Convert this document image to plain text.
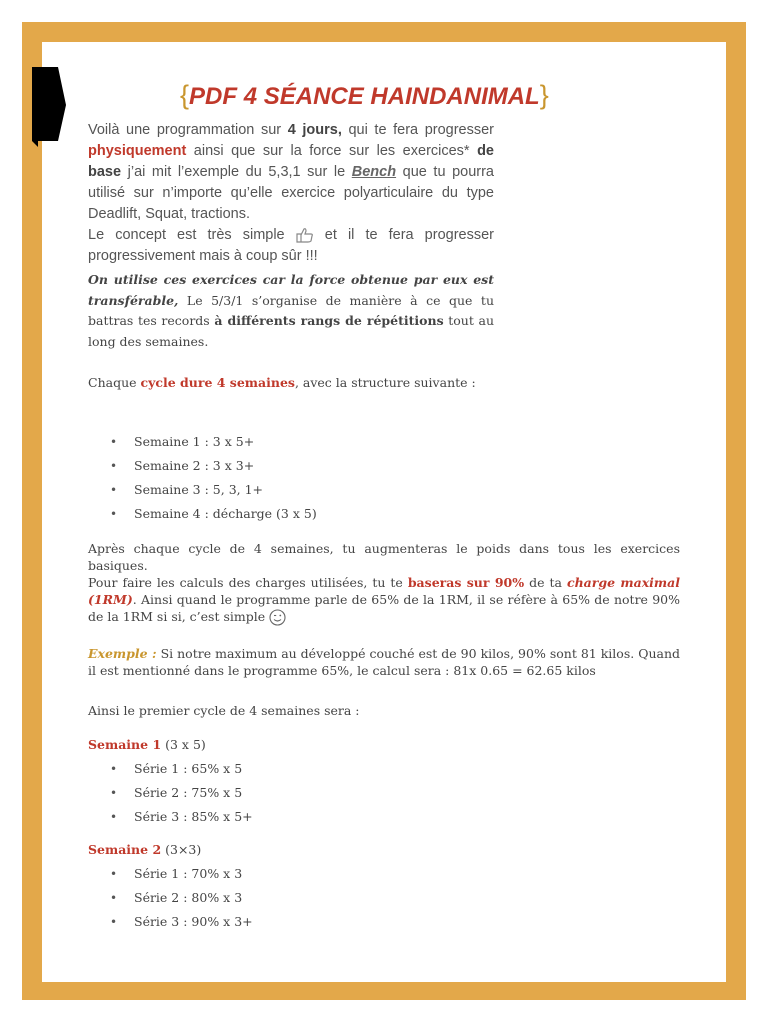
{PDF 4 SÉANCE HAINDANIMAL}

Voilà une programmation sur 4 jours, qui te fera progresser physiquement ainsi que sur la force sur les exercices* de base j’ai mit l’exemple du 5,3,1 sur le Bench que tu pourra utilisé sur n’importe qu’elle exercice polyarticulaire du type Deadlift, Squat, tractions.

Le concept est très simple  et il te fera progresser progressivement mais à coup sûr !!!

On utilise ces exercices car la force obtenue par eux est transférable, Le 5/3/1 s’organise de manière à ce que tu battras tes records à différents rangs de répétitions tout au long des semaines.
Chaque cycle dure 4 semaines, avec la structure suivante :
• Semaine 1 : 3 x 5+
• Semaine 2 : 3 x 3+
• Semaine 3 : 5, 3, 1+
• Semaine 4 : décharge (3 x 5)

Après chaque cycle de 4 semaines, tu augmenteras le poids dans tous les exercices basiques.

Pour faire les calculs des charges utilisées, tu te baseras sur 90% de ta charge maximal (1RM). Ainsi quand le programme parle de 65% de la 1RM, il se réfère à 65% de notre 90% de la 1RM si si, c’est simple

Exemple : Si notre maximum au développé couché est de 90 kilos, 90% sont 81 kilos. Quand il est mentionné dans le programme 65%, le calcul sera : 81x 0.65 = 62.65 kilos

Ainsi le premier cycle de 4 semaines sera :
Semaine 1 (3 x 5)
• Série 1 : 65% x 5
• Série 2 : 75% x 5
• Série 3 : 85% x 5+
Semaine 2 (3×3)
• Série 1 : 70% x 3
• Série 2 : 80% x 3
• Série 3 : 90% x 3+
